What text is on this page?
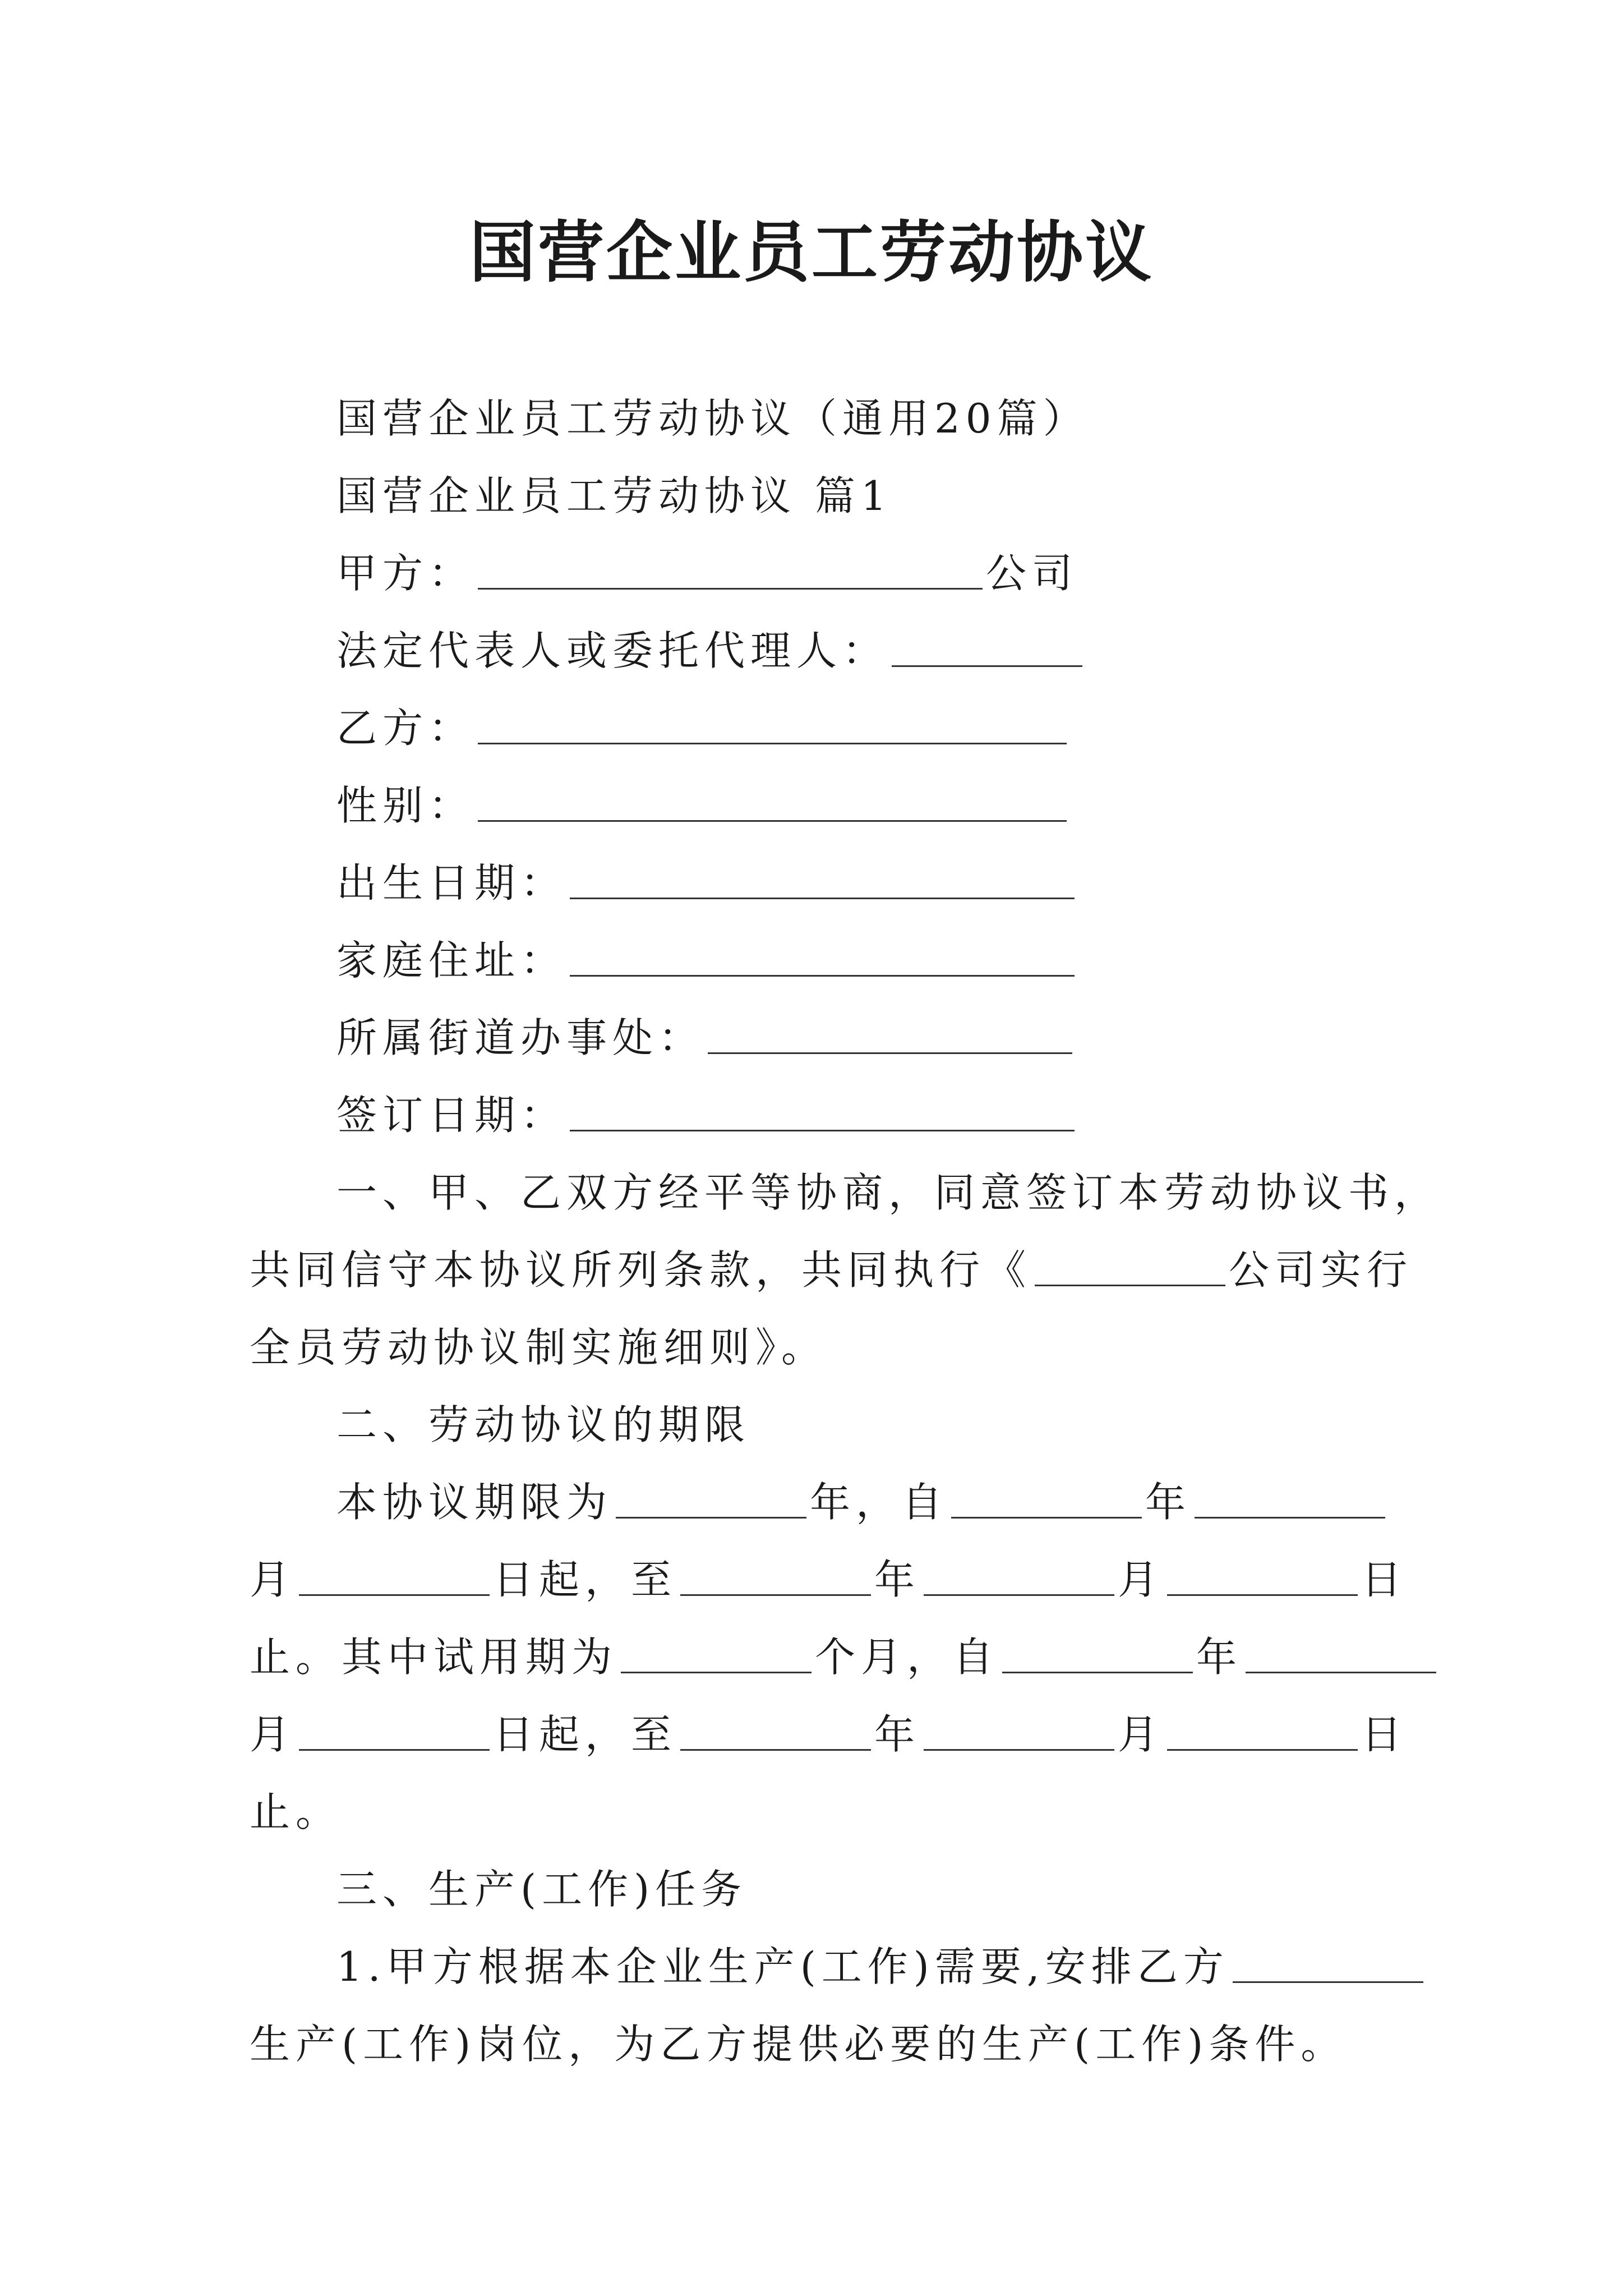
国营企业员工劳动协议
国营企业员工劳动协议（通用20篇）
国营企业员工劳动协议 篇1
甲方：	公司
法定代表人或委托代理人：
乙方：
性别：
出生日期：
家庭住址：
所属街道办事处：
签订日期：
一、甲、乙双方经平等协商，同意签订本劳动协议书，
共同信守本协议所列条款，共同执行《	公司实行
全员劳动协议制实施细则》。
二、劳动协议的期限
本协议期限为	年，自	年
月	日起，至	年	月	日
止。其中试用期为	个月，自	年
月	日起，至	年	月	日
止。
三、生产(工作)任务
1.甲方根据本企业生产(工作)需要,安排乙方
生产(工作)岗位，为乙方提供必要的生产(工作)条件。
